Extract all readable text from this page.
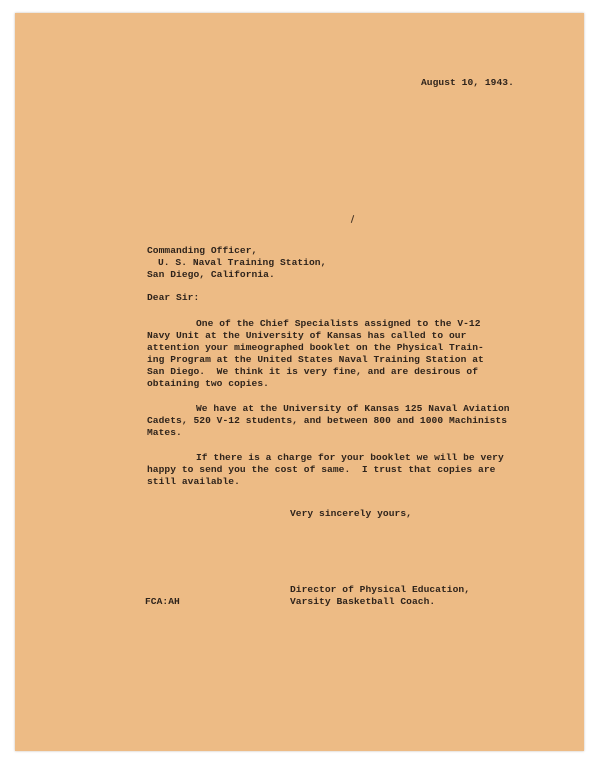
August 10, 1943.
Commanding Officer,
U. S. Naval Training Station,
San Diego, California.
Dear Sir:
One of the Chief Specialists assigned to the V-12
Navy Unit at the University of Kansas has called to our
attention your mimeographed booklet on the Physical Train-
ing Program at the United States Naval Training Station at
San Diego.  We think it is very fine, and are desirous of
obtaining two copies.
We have at the University of Kansas 125 Naval Aviation
Cadets, 520 V-12 students, and between 800 and 1000 Machinists
Mates.
If there is a charge for your booklet we will be very
happy to send you the cost of same.  I trust that copies are
still available.
Very sincerely yours,
Director of Physical Education,
Varsity Basketball Coach.
FCA:AH
